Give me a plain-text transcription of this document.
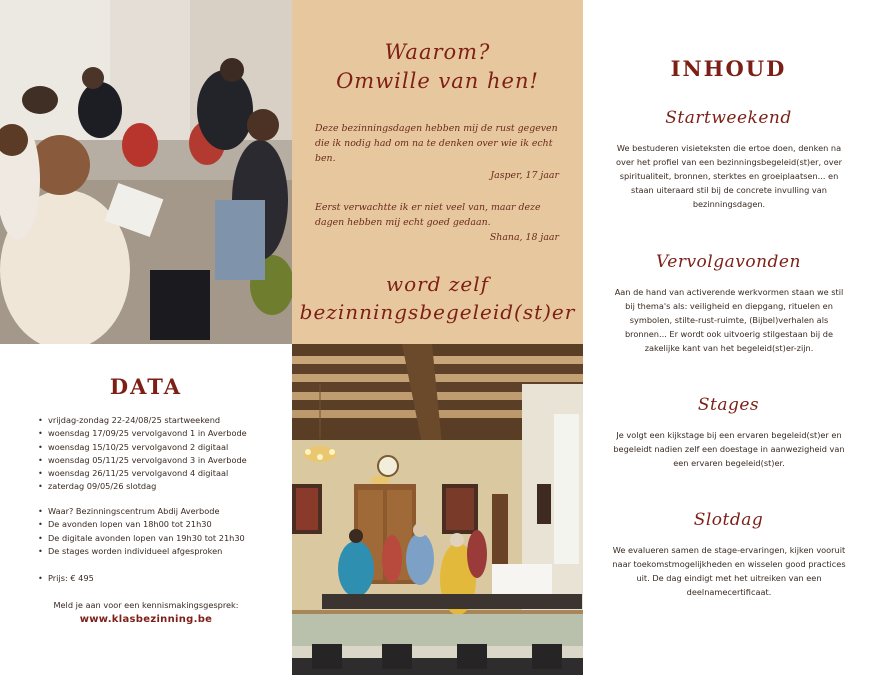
Waarom?
Omwille van hen!
Deze bezinningsdagen hebben mij de rust gegeven die ik nodig had om na te denken over wie ik echt ben.
Jasper, 17 jaar
Eerst verwachtte ik er niet veel van, maar deze dagen hebben mij echt goed gedaan.
Shana, 18 jaar
word zelf
bezinningsbegeleid(st)er
DATA
• vrijdag-zondag 22-24/08/25 startweekend
• woensdag 17/09/25 vervolgavond 1 in Averbode
• woensdag 15/10/25 vervolgavond 2 digitaal
• woensdag 05/11/25 vervolgavond 3 in Averbode
• woensdag 26/11/25 vervolgavond 4 digitaal
• zaterdag 09/05/26 slotdag
• Waar? Bezinningscentrum Abdij Averbode
• De avonden lopen van 18h00 tot 21h30
• De digitale avonden lopen van 19h30 tot 21h30
• De stages worden individueel afgesproken
• Prijs: € 495
Meld je aan voor een kennismakingsgesprek:
www.klasbezinning.be
INHOUD
Startweekend
We bestuderen visieteksten die ertoe doen, denken na over het profiel van een bezinningsbegeleid(st)er, over spiritualiteit, bronnen, sterktes en groeiplaatsen... en staan uiteraard stil bij de concrete invulling van bezinningsdagen.
Vervolgavonden
Aan de hand van activerende werkvormen staan we stil bij thema's als: veiligheid en diepgang, rituelen en symbolen, stilte-rust-ruimte, (Bijbel)verhalen als bronnen... Er wordt ook uitvoerig stilgestaan bij de zakelijke kant van het begeleid(st)er-zijn.
Stages
Je volgt een kijkstage bij een ervaren begeleid(st)er en begeleidt nadien zelf een doestage in aanwezigheid van een ervaren begeleid(st)er.
Slotdag
We evalueren samen de stage-ervaringen, kijken vooruit naar toekomstmogelijkheden en wisselen good practices uit. De dag eindigt met het uitreiken van een deelnamecertificaat.
